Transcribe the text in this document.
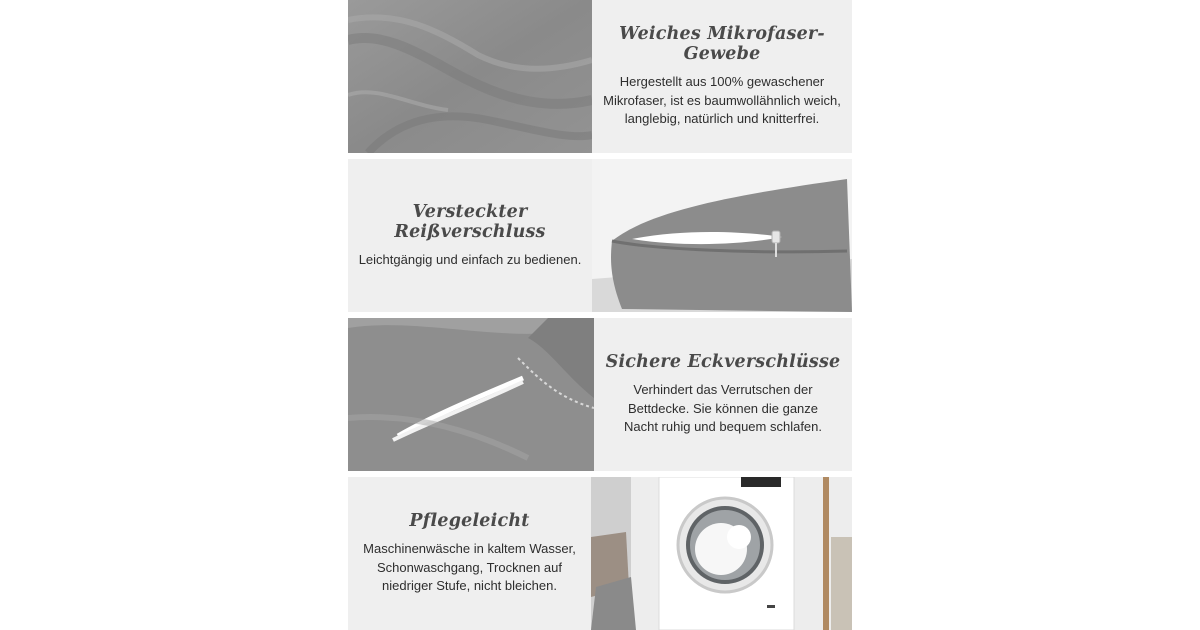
Weiches Mikrofaser-Gewebe

Hergestellt aus 100% gewaschener
Mikrofaser, ist es baumwollähnlich weich,
langlebig, natürlich und knitterfrei.

Versteckter Reißverschluss

Leichtgängig und einfach zu bedienen.

Sichere Eckverschlüsse

Verhindert das Verrutschen der
Bettdecke. Sie können die ganze
Nacht ruhig und bequem schlafen.

Pflegeleicht

Maschinenwäsche in kaltem Wasser,
Schonwaschgang, Trocknen auf
niedriger Stufe, nicht bleichen.
